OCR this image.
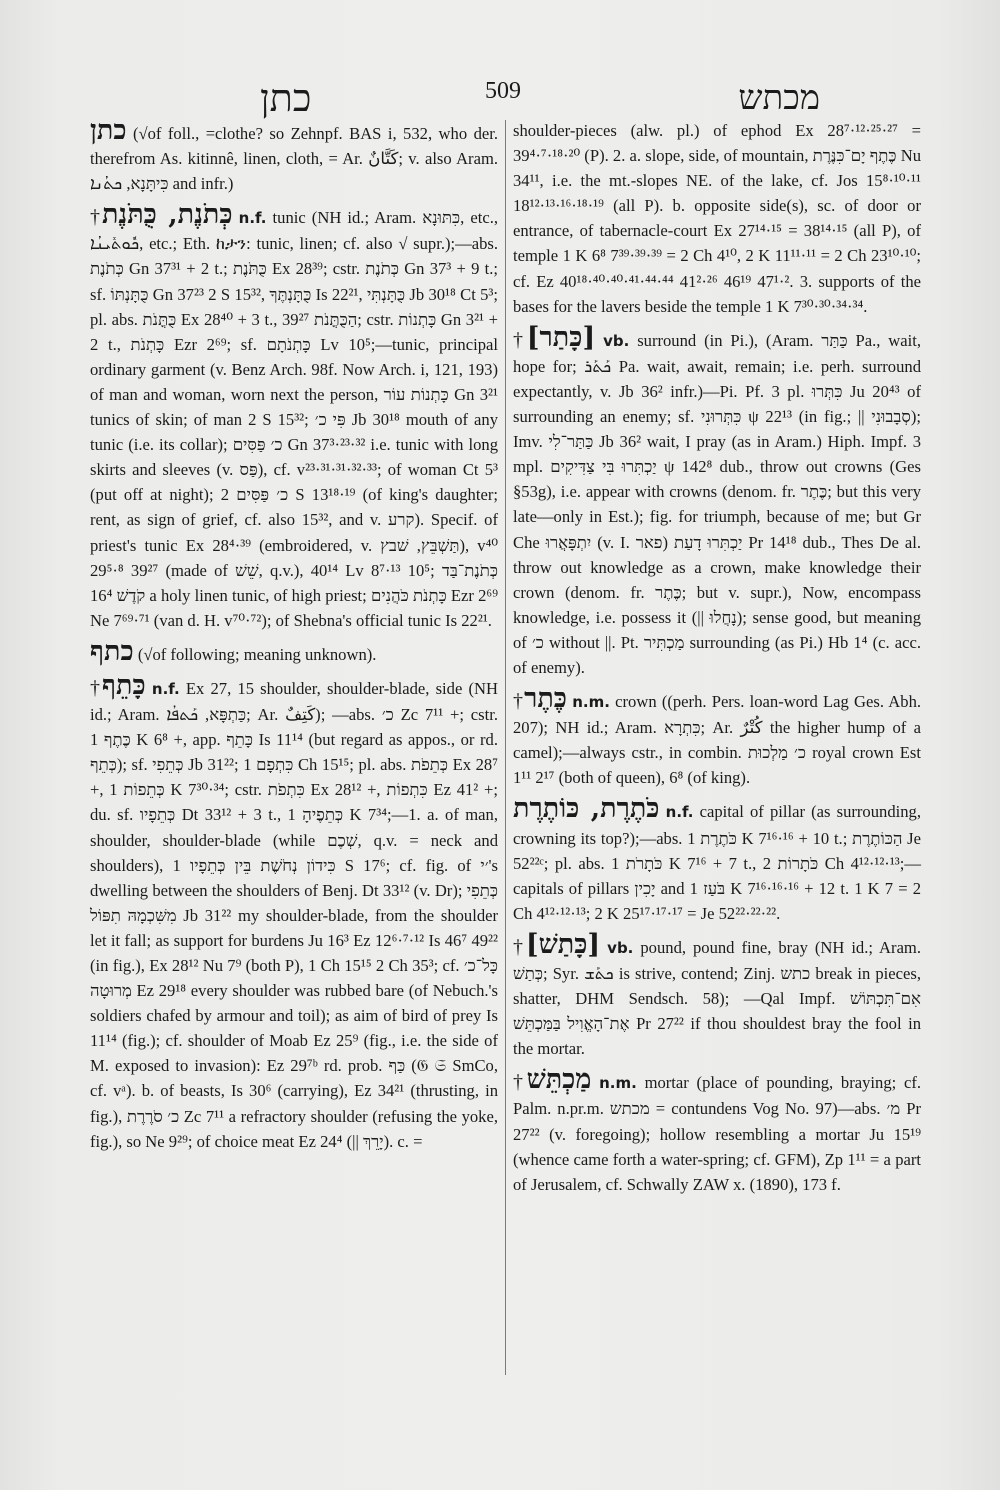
כתן	509	מכתש

כתן (√of foll., =clothe? so Zehnpf. BAS i, 532, who der. therefrom As. kitinnê, linen, cloth, = Ar. كَتَّانٌ; v. also Aram. כִּיתָּנָא, ܟܬܳܢܐ and infr.)

†כְּתֹנֶת, כֻּתֹּנֶת n.f. tunic (NH id.; Aram. כִּתּוּנָא, etc., ܟܽܘܬܺܝܢܳܐ, etc.; Eth. ከታን: tunic, linen; cf. also √ supr.);—abs. כְּתֹנֶת Gn 37³¹ + 2 t.; כֻּתֹּנֶת Ex 28³⁹; cstr. כְּתֹנֶת Gn 37³ + 9 t.; sf. כֻּתָּנְתּוֹ Gn 37²³ 2 S 15³², כֻּתָּנְתֶּךָ Is 22²¹, כֻּתָּנְתִּי Jb 30¹⁸ Ct 5³; pl. abs. כֻּתֳּנֹת Ex 28⁴⁰ + 3 t., הַכֻּתֳּנֹת 39²⁷; cstr. כָּתְנוֹת Gn 3²¹ + 2 t., כָּתְנֹת Ezr 2⁶⁹; sf. כָּתְנֹתָם Lv 10⁵;—tunic, principal ordinary garment (v. Benz Arch. 98f. Now Arch. i, 121, 193) of man and woman, worn next the person, כָּתְנוֹת עוֹר Gn 3²¹ tunics of skin; of man 2 S 15³²; פִּי כ׳ Jb 30¹⁸ mouth of any tunic (i.e. its collar); כ׳ פַּסִּים Gn 37³·²³·³² i.e. tunic with long skirts and sleeves (v. פַּס), cf. v²³·³¹·³¹·³²·³³; of woman Ct 5³ (put off at night); כ׳ פַּסִּים 2 S 13¹⁸·¹⁹ (of king's daughter; rent, as sign of grief, cf. also 15³², and v. קרע). Specif. of priest's tunic Ex 28⁴·³⁹ (embroidered, v. תַּשְׁבֵּץ, שׁבץ), v⁴⁰ 29⁵·⁸ 39²⁷ (made of שֵׁשׁ, q.v.), 40¹⁴ Lv 8⁷·¹³ 10⁵; כְּתֹנֶת־בַּד קֹדֶשׁ 16⁴ a holy linen tunic, of high priest; כָּתְנֹת כֹּהֲנִים Ezr 2⁶⁹ Ne 7⁶⁹·⁷¹ (van d. H. v⁷⁰·⁷²); of Shebna's official tunic Is 22²¹.

כתף (√of following; meaning unknown).

†כָּתֵף n.f. Ex 27, 15 shoulder, shoulder-blade, side (NH id.; Aram. כַּתְפָּא, ܟܰܬܦܳܐ; Ar. كَتِفٌ); —abs. כ׳ Zc 7¹¹ +; cstr. כֶּתֶף 1 K 6⁸ +, app. כָּתֵף Is 11¹⁴ (but regard as appos., or rd. כְּתֵף); sf. כְּתֵפִי Jb 31²²; כִּתְפָם 1 Ch 15¹⁵; pl. abs. כְּתֵפֹת Ex 28⁷ +, כְּתֵפוֹת 1 K 7³⁰·³⁴; cstr. כִּתְפֹת Ex 28¹² +, כִּתְפוֹת Ez 41² +; du. sf. כְּתֵפָיו Dt 33¹² + 3 t., כְּתֵפֶיהָ 1 K 7³⁴;—1. a. of man, shoulder, shoulder-blade (while שְׁכֶם, q.v. = neck and shoulders), כִּידוֹן נְחֹשֶׁת בֵּין כְּתֵפָיו 1 S 17⁶; cf. fig. of ׳י's dwelling between the shoulders of Benj. Dt 33¹² (v. Dr); כְּתֵפִי מִשִּׁכְמָהּ תִפּוֹל Jb 31²² my shoulder-blade, from the shoulder let it fall; as support for burdens Ju 16³ Ez 12⁶·⁷·¹² Is 46⁷ 49²² (in fig.), Ex 28¹² Nu 7⁹ (both P), 1 Ch 15¹⁵ 2 Ch 35³; cf. כָּל־כ׳ מְרוּטָה Ez 29¹⁸ every shoulder was rubbed bare (of Nebuch.'s soldiers chafed by armour and toil); as aim of bird of prey Is 11¹⁴ (fig.); cf. shoulder of Moab Ez 25⁹ (fig., i.e. the side of M. exposed to invasion): Ez 29⁷ᵇ rd. prob. כַּף (𝔊 𝔖 SmCo, cf. vᵃ). b. of beasts, Is 30⁶ (carrying), Ez 34²¹ (thrusting, in fig.), כ׳ סֹרֶרֶת Zc 7¹¹ a refractory shoulder (refusing the yoke, fig.), so Ne 9²⁹; of choice meat Ez 24⁴ (|| יָרֵךְ). c. =

shoulder-pieces (alw. pl.) of ephod Ex 28⁷·¹²·²⁵·²⁷ = 39⁴·⁷·¹⁸·²⁰ (P). 2. a. slope, side, of mountain, כֶּתֶף יָם־כִּנֶּרֶת Nu 34¹¹, i.e. the mt.-slopes NE. of the lake, cf. Jos 15⁸·¹⁰·¹¹ 18¹²·¹³·¹⁶·¹⁸·¹⁹ (all P). b. opposite side(s), sc. of door or entrance, of tabernacle-court Ex 27¹⁴·¹⁵ = 38¹⁴·¹⁵ (all P), of temple 1 K 6⁸ 7³⁹·³⁹·³⁹ = 2 Ch 4¹⁰, 2 K 11¹¹·¹¹ = 2 Ch 23¹⁰·¹⁰; cf. Ez 40¹⁸·⁴⁰·⁴⁰·⁴¹·⁴⁴·⁴⁴ 41²·²⁶ 46¹⁹ 47¹·². 3. supports of the bases for the lavers beside the temple 1 K 7³⁰·³⁰·³⁴·³⁴.

†[כָּתַר] vb. surround (in Pi.), (Aram. כַּתַּר Pa., wait, hope for; ܟܰܬܰܪ Pa. wait, await, remain; i.e. perh. surround expectantly, v. Jb 36² infr.)—Pi. Pf. 3 pl. כִּתְּרוּ Ju 20⁴³ of surrounding an enemy; sf. כִּתְּרוּנִי ψ 22¹³ (in fig.; || סְבָבוּנִי); Imv. כַּתַּר־לִי Jb 36² wait, I pray (as in Aram.) Hiph. Impf. 3 mpl. יַכְתִּרוּ בִּי צַדִּיקִים ψ 142⁸ dub., throw out crowns (Ges §53g), i.e. appear with crowns (denom. fr. כֶּתֶר; but this very late—only in Est.); fig. for triumph, because of me; but Gr Che יִתְפָּאֲרוּ (v. I. פאר) יַכְתִּרוּ דָעַת Pr 14¹⁸ dub., Thes De al. throw out knowledge as a crown, make knowledge their crown (denom. fr. כֶּתֶר; but v. supr.), Now, encompass knowledge, i.e. possess it (|| נָחֲלוּ); sense good, but meaning of כ׳ without ||. Pt. מַכְתִּיר surrounding (as Pi.) Hb 1⁴ (c. acc. of enemy).

†כֶּתֶר n.m. crown ((perh. Pers. loan-word Lag Ges. Abh. 207); NH id.; Aram. כִּתְרָא; Ar. كُتْرٌ the higher hump of a camel);—always cstr., in combin. כ׳ מַלְכוּת royal crown Est 1¹¹ 2¹⁷ (both of queen), 6⁸ (of king).

כֹּתֶרֶת, כּוֹתֶרֶת n.f. capital of pillar (as surrounding, crowning its top?);—abs. כֹּתֶרֶת 1 K 7¹⁶·¹⁶ + 10 t.; הַכּוֹתֶרֶת Je 52²²ᶜ; pl. abs. כֹּתָרֹת 1 K 7¹⁶ + 7 t., כֹּתָרוֹת 2 Ch 4¹²·¹²·¹³;—capitals of pillars יָכִין and בֹּעַז 1 K 7¹⁶·¹⁶·¹⁶ + 12 t. 1 K 7 = 2 Ch 4¹²·¹²·¹³; 2 K 25¹⁷·¹⁷·¹⁷ = Je 52²²·²²·²².

†[כָּתַשׁ] vb. pound, pound fine, bray (NH id.; Aram. כְּתַשׁ; Syr. ܟܬܰܫ is strive, contend; Zinj. כתש break in pieces, shatter, DHM Sendsch. 58); —Qal Impf. אִם־תִּכְתּוֹשׁ אֶת־הָאֱוִיל בַּמַּכְתֵּשׁ Pr 27²² if thou shouldest bray the fool in the mortar.

†מַכְתֵּשׁ n.m. mortar (place of pounding, braying; cf. Palm. n.pr.m. מכתש = contundens Vog No. 97)—abs. מ׳ Pr 27²² (v. foregoing); hollow resembling a mortar Ju 15¹⁹ (whence came forth a water-spring; cf. GFM), Zp 1¹¹ = a part of Jerusalem, cf. Schwally ZAW x. (1890), 173 f.
